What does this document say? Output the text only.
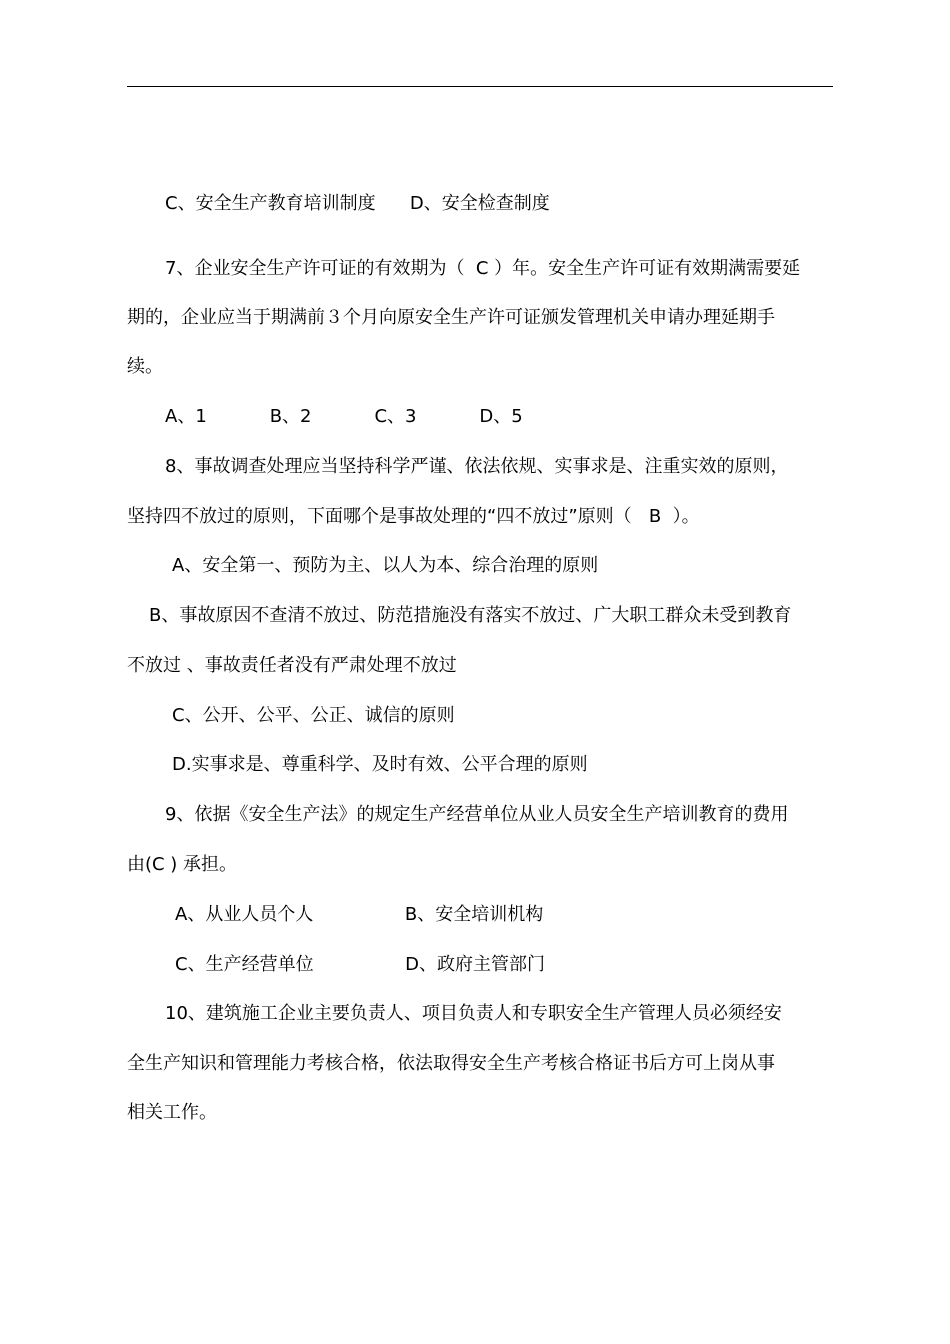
C、安全生产教育培训制度      D、安全检查制度

7、企业安全生产许可证的有效期为（  C ）年。安全生产许可证有效期满需要延

期的，企业应当于期满前３个月向原安全生产许可证颁发管理机关申请办理延期手

续。

A、1           B、2           C、3           D、5

8、事故调查处理应当坚持科学严谨、依法依规、实事求是、注重实效的原则，

坚持四不放过的原则，下面哪个是事故处理的“四不放过”原则（   B  ）。

A、安全第一、预防为主、以人为本、综合治理的原则

B、事故原因不查清不放过、防范措施没有落实不放过、广大职工群众未受到教育

不放过 、事故责任者没有严肃处理不放过

C、公开、公平、公正、诚信的原则

D.实事求是、尊重科学、及时有效、公平合理的原则

9、依据《安全生产法》的规定生产经营单位从业人员安全生产培训教育的费用

由(C ) 承担。

A、从业人员个人                B、安全培训机构

C、生产经营单位                D、政府主管部门

10、建筑施工企业主要负责人、项目负责人和专职安全生产管理人员必须经安

全生产知识和管理能力考核合格，依法取得安全生产考核合格证书后方可上岗从事

相关工作。
